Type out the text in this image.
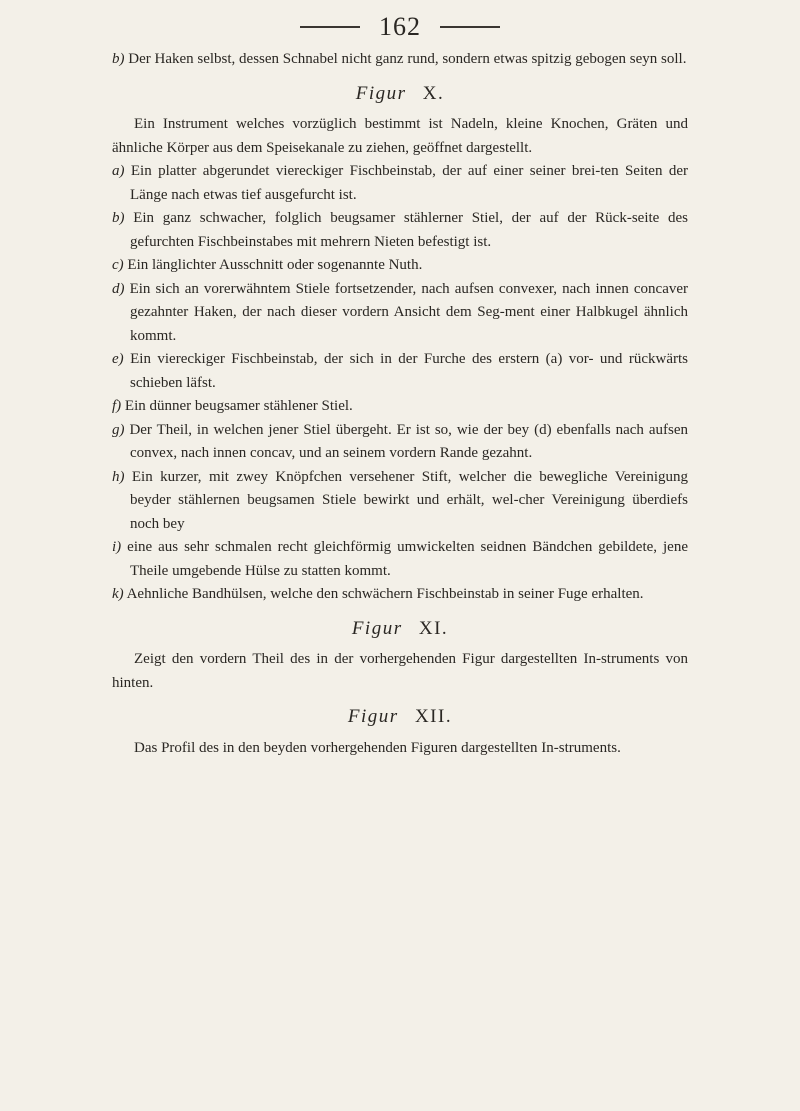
162

b) Der Haken selbst, dessen Schnabel nicht ganz rund, sondern etwas spitzig gebogen seyn soll.

Figur X.

Ein Instrument welches vorzüglich bestimmt ist Nadeln, kleine Knochen, Gräten und ähnliche Körper aus dem Speisekanale zu ziehen, geöffnet dargestellt.

a) Ein platter abgerundet viereckiger Fischbeinstab, der auf einer seiner brei-ten Seiten der Länge nach etwas tief ausgefurcht ist.

b) Ein ganz schwacher, folglich beugsamer stählerner Stiel, der auf der Rück-seite des gefurchten Fischbeinstabes mit mehrern Nieten befestigt ist.

c) Ein länglichter Ausschnitt oder sogenannte Nuth.

d) Ein sich an vorerwähntem Stiele fortsetzender, nach aufsen convexer, nach innen concaver gezahnter Haken, der nach dieser vordern Ansicht dem Seg-ment einer Halbkugel ähnlich kommt.

e) Ein viereckiger Fischbeinstab, der sich in der Furche des erstern (a) vor- und rückwärts schieben läfst.

f) Ein dünner beugsamer stählener Stiel.

g) Der Theil, in welchen jener Stiel übergeht. Er ist so, wie der bey (d) ebenfalls nach aufsen convex, nach innen concav, und an seinem vordern Rande gezahnt.

h) Ein kurzer, mit zwey Knöpfchen versehener Stift, welcher die bewegliche Vereinigung beyder stählernen beugsamen Stiele bewirkt und erhält, wel-cher Vereinigung überdiefs noch bey

i) eine aus sehr schmalen recht gleichförmig umwickelten seidnen Bändchen gebildete, jene Theile umgebende Hülse zu statten kommt.

k) Aehnliche Bandhülsen, welche den schwächern Fischbeinstab in seiner Fuge erhalten.

Figur XI.

Zeigt den vordern Theil des in der vorhergehenden Figur dargestellten In-struments von hinten.

Figur XII.

Das Profil des in den beyden vorhergehenden Figuren dargestellten In-struments.
